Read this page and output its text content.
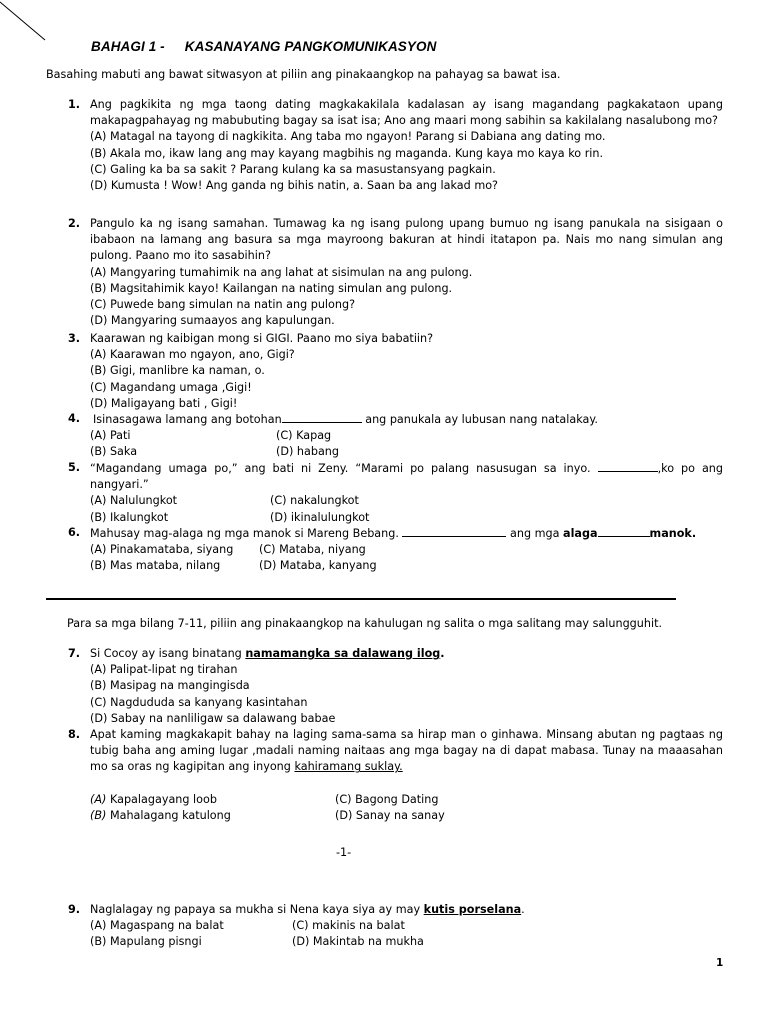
BAHAGI 1 - KASANAYANG PANGKOMUNIKASYON
Basahing mabuti ang bawat sitwasyon at piliin ang pinakaangkop na pahayag sa bawat isa.
1. Ang pagkikita ng mga taong dating magkakakilala kadalasan ay isang magandang pagkakataon upang makapagpahayag ng mabubuting bagay sa isat isa; Ano ang maari mong sabihin sa kakilalang nasalubong mo?
(A) Matagal na tayong di nagkikita. Ang taba mo ngayon! Parang si Dabiana ang dating mo.
(B) Akala mo, ikaw lang ang may kayang magbihis ng maganda. Kung kaya mo kaya ko rin.
(C) Galing ka ba sa sakit ? Parang kulang ka sa masustansyang pagkain.
(D) Kumusta ! Wow! Ang ganda ng bihis natin, a. Saan ba ang lakad mo?
2. Pangulo ka ng isang samahan. Tumawag ka ng isang pulong upang bumuo ng isang panukala na sisigaan o ibabaon na lamang ang basura sa mga mayroong bakuran at hindi itatapon pa. Nais mo nang simulan ang pulong. Paano mo ito sasabihin?
(A) Mangyaring tumahimik na ang lahat at sisimulan na ang pulong.
(B) Magsitahimik kayo! Kailangan na nating simulan ang pulong.
(C) Puwede bang simulan na natin ang pulong?
(D) Mangyaring sumaayos ang kapulungan.
3. Kaarawan ng kaibigan mong si GIGI. Paano mo siya babatiin?
(A) Kaarawan mo ngayon, ano, Gigi?
(B) Gigi, manlibre ka naman, o.
(C) Magandang umaga ,Gigi!
(D) Maligayang bati , Gigi!
4. Isinasagawa lamang ang botohan	ang panukala ay lubusan nang natalakay.
(A) Pati	(C) Kapag
(B) Saka	(D) habang
5. “Magandang umaga po,” ang bati ni Zeny. “Marami po palang nasusugan sa inyo.	,ko po ang nangyari.”
(A) Nalulungkot	(C) nakalungkot
(B) Ikalungkot	(D) ikinalulungkot
6. Mahusay mag-alaga ng mga manok si Mareng Bebang.	ang mga alaga	manok.
(A) Pinakamataba, siyang	(C) Mataba, niyang
(B) Mas mataba, nilang	(D) Mataba, kanyang
Para sa mga bilang 7-11, piliin ang pinakaangkop na kahulugan ng salita o mga salitang may salungguhit.
7. Si Cocoy ay isang binatang namamangka sa dalawang ilog.
(A) Palipat-lipat ng tirahan
(B) Masipag na mangingisda
(C) Nagdududa sa kanyang kasintahan
(D) Sabay na nanliligaw sa dalawang babae
8. Apat kaming magkakapit bahay na laging sama-sama sa hirap man o ginhawa. Minsang abutan ng pagtaas ng tubig baha ang aming lugar ,madali naming naitaas ang mga bagay na di dapat mabasa. Tunay na maaasahan mo sa oras ng kagipitan ang inyong kahiramang suklay.
(A) Kapalagayang loob	(C) Bagong Dating
(B) Mahalagang katulong	(D) Sanay na sanay
-1-
9. Naglalagay ng papaya sa mukha si Nena kaya siya ay may kutis porselana.
(A) Magaspang na balat	(C) makinis na balat
(B) Mapulang pisngi	(D) Makintab na mukha
1
